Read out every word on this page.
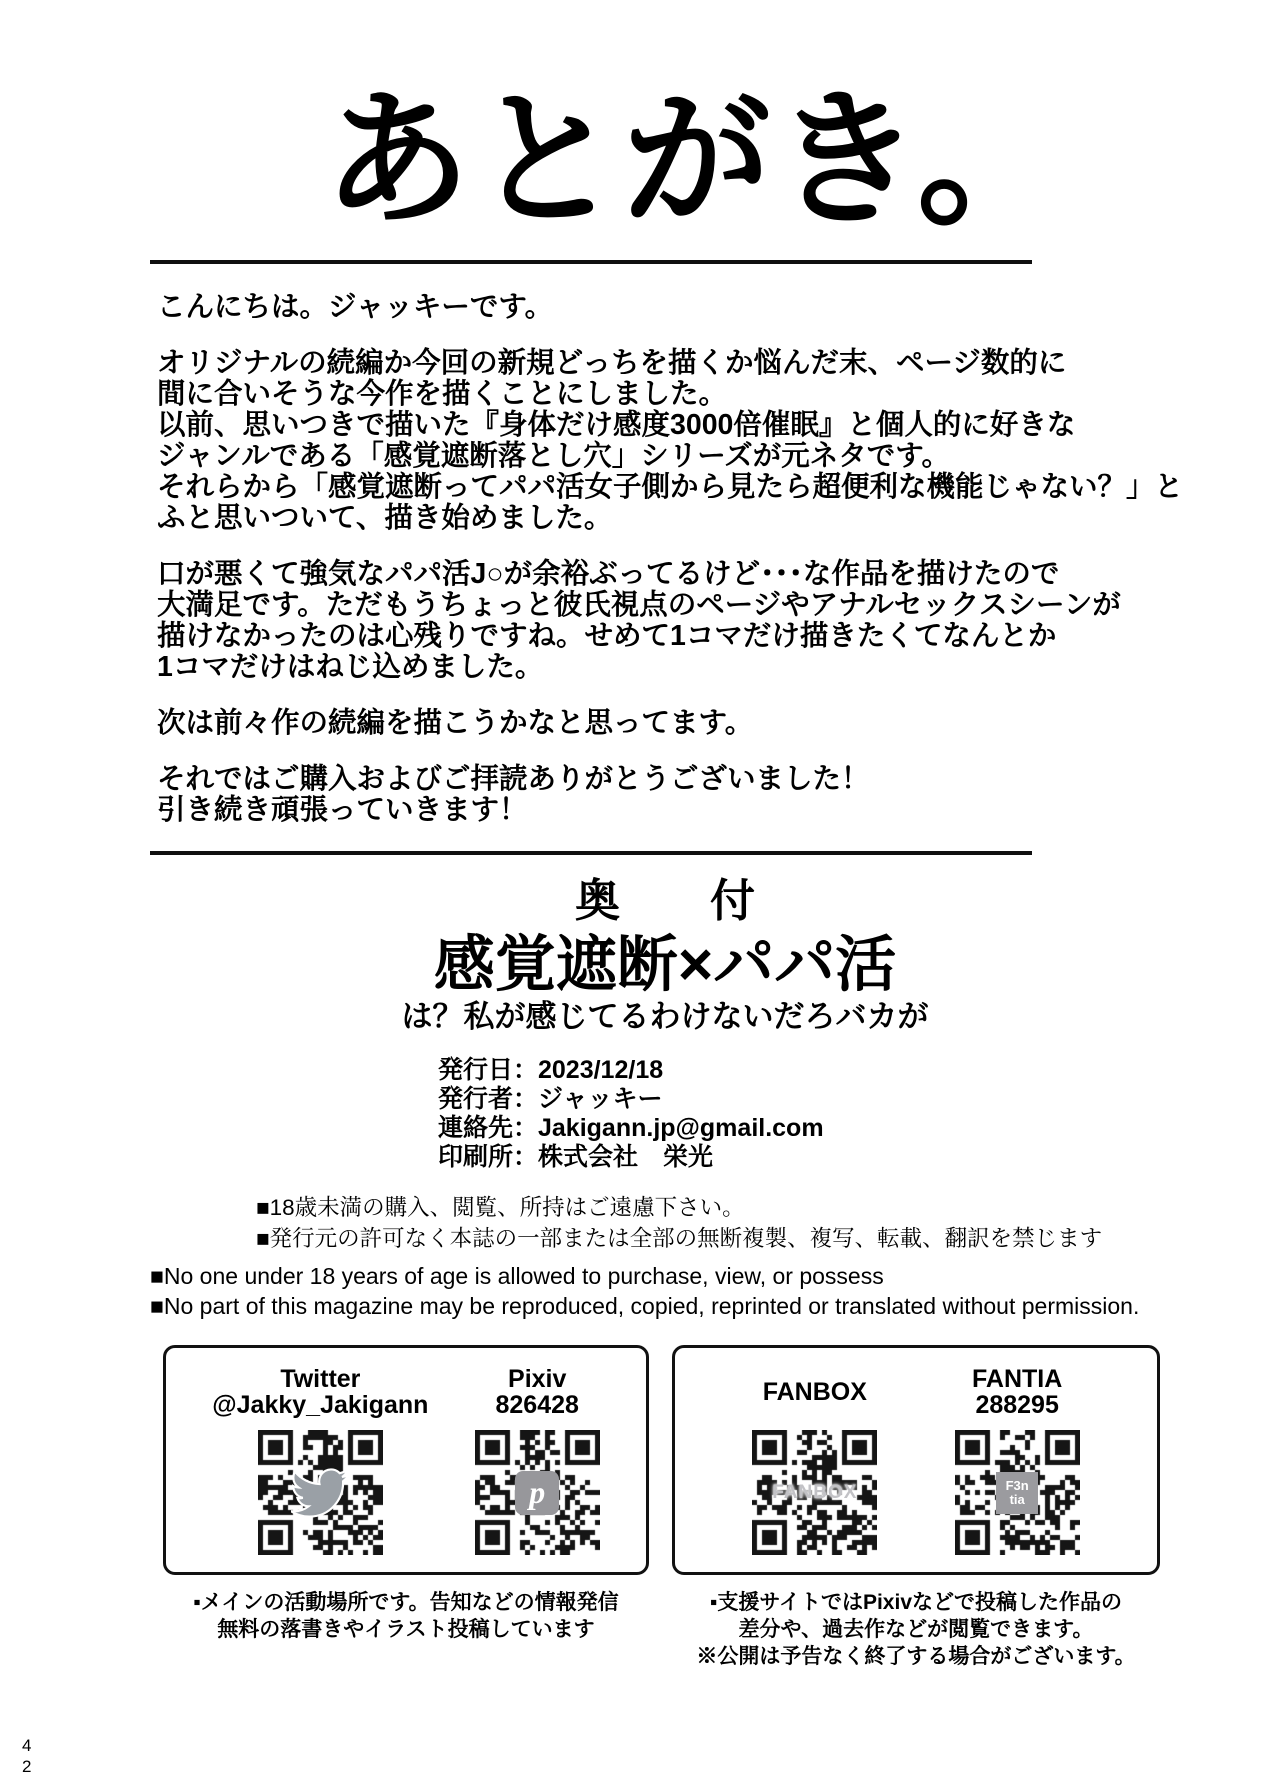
あとがき。
こんにちは。ジャッキーです。
オリジナルの続編か今回の新規どっちを描くか悩んだ末、ページ数的に
間に合いそうな今作を描くことにしました。
以前、思いつきで描いた『身体だけ感度3000倍催眠』と個人的に好きな
ジャンルである「感覚遮断落とし穴」シリーズが元ネタです。
それらから「感覚遮断ってパパ活女子側から見たら超便利な機能じゃない？」と
ふと思いついて、描き始めました。
口が悪くて強気なパパ活J○が余裕ぶってるけど･･･な作品を描けたので
大満足です。ただもうちょっと彼氏視点のページやアナルセックスシーンが
描けなかったのは心残りですね。せめて1コマだけ描きたくてなんとか
1コマだけはねじ込めました。
次は前々作の続編を描こうかなと思ってます。
それではご購入およびご拝読ありがとうございました！
引き続き頑張っていきます！
奥　　付
感覚遮断×パパ活
は？私が感じてるわけないだろバカが
発行日：2023/12/18
発行者：ジャッキー
連絡先：Jakigann.jp@gmail.com
印刷所：株式会社　栄光
■18歳未満の購入、閲覧、所持はご遠慮下さい。
■発行元の許可なく本誌の一部または全部の無断複製、複写、転載、翻訳を禁じます
■No one under 18 years of age is allowed to purchase, view, or possess
■No part of this magazine may be reproduced, copied, reprinted or translated without permission.
Twitter
@Jakky_Jakigann
Pixiv
826428
p
FANBOX
FANBOX
FANTIA
288295
F3n
tia
▪メインの活動場所です。告知などの情報発信
無料の落書きやイラスト投稿しています
▪支援サイトではPixivなどで投稿した作品の
差分や、過去作などが閲覧できます。
※公開は予告なく終了する場合がございます。
4
2
